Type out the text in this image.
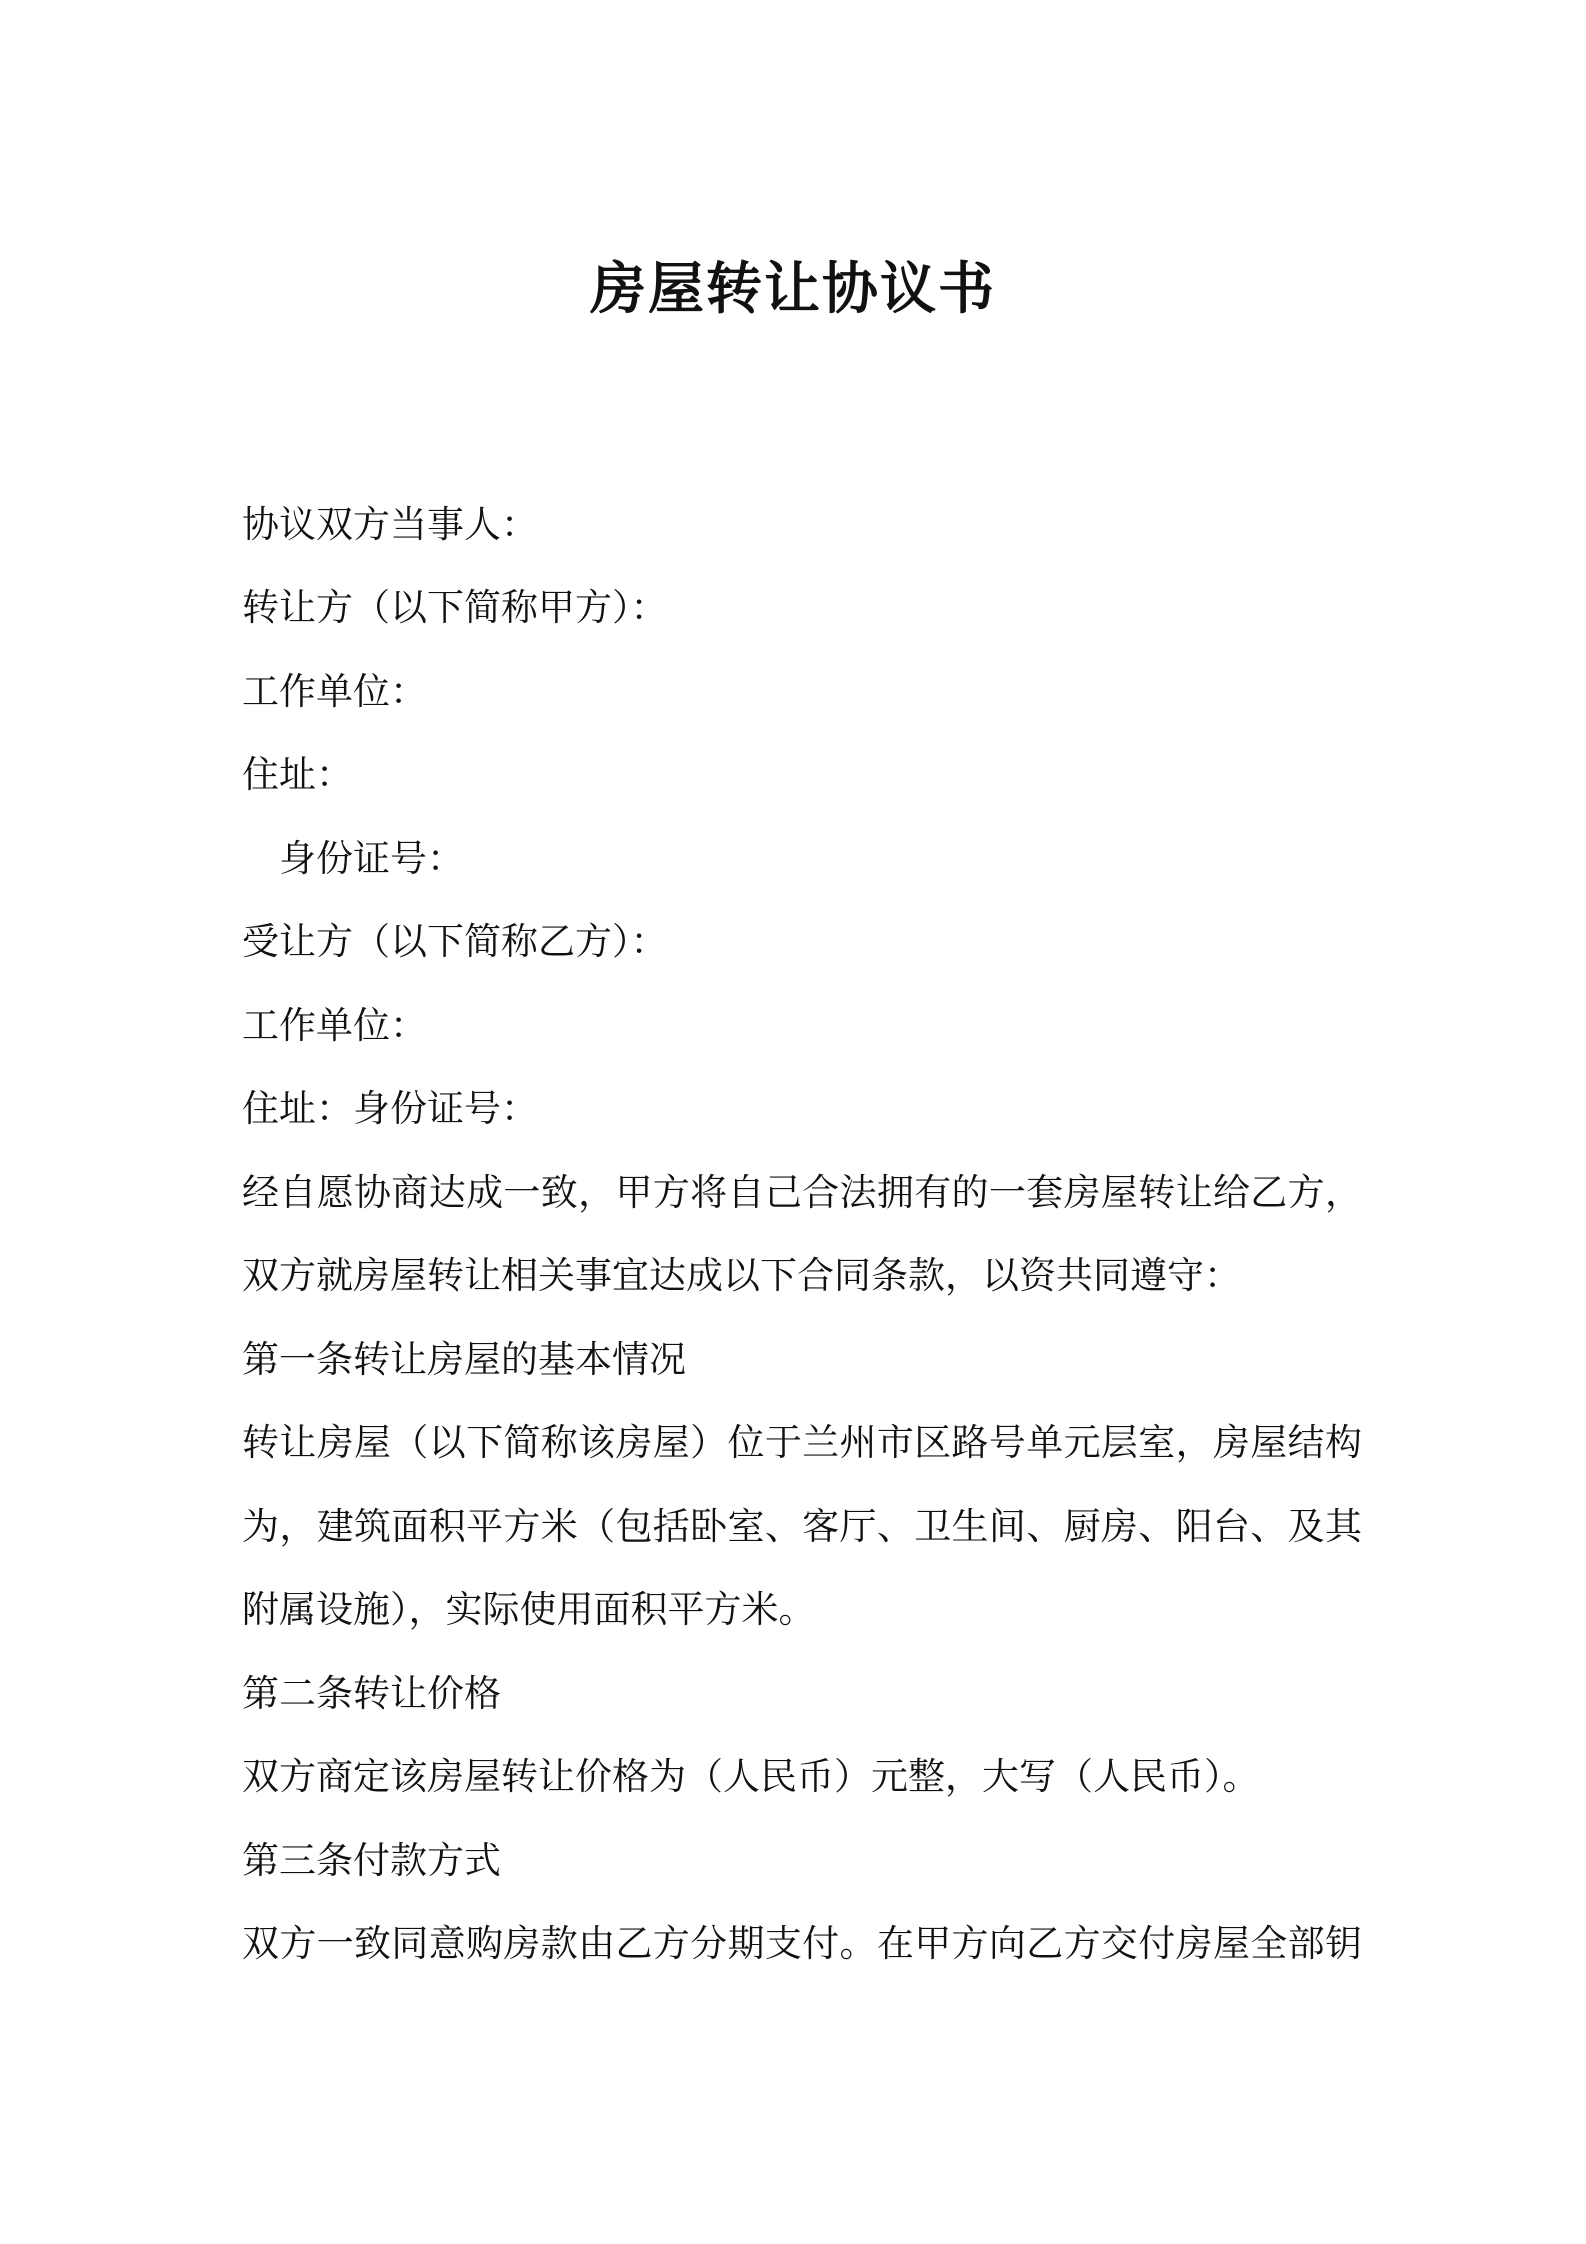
房屋转让协议书
协议双方当事人：
转让方（以下简称甲方）：
工作单位：
住址：
身份证号：
受让方（以下简称乙方）：
工作单位：
住址：身份证号：
经自愿协商达成一致，甲方将自己合法拥有的一套房屋转让给乙方，
双方就房屋转让相关事宜达成以下合同条款，以资共同遵守：
第一条转让房屋的基本情况
转让房屋（以下简称该房屋）位于兰州市区路号单元层室，房屋结构
为，建筑面积平方米（包括卧室、客厅、卫生间、厨房、阳台、及其
附属设施），实际使用面积平方米。
第二条转让价格
双方商定该房屋转让价格为（人民币）元整，大写（人民币）。
第三条付款方式
双方一致同意购房款由乙方分期支付。在甲方向乙方交付房屋全部钥
